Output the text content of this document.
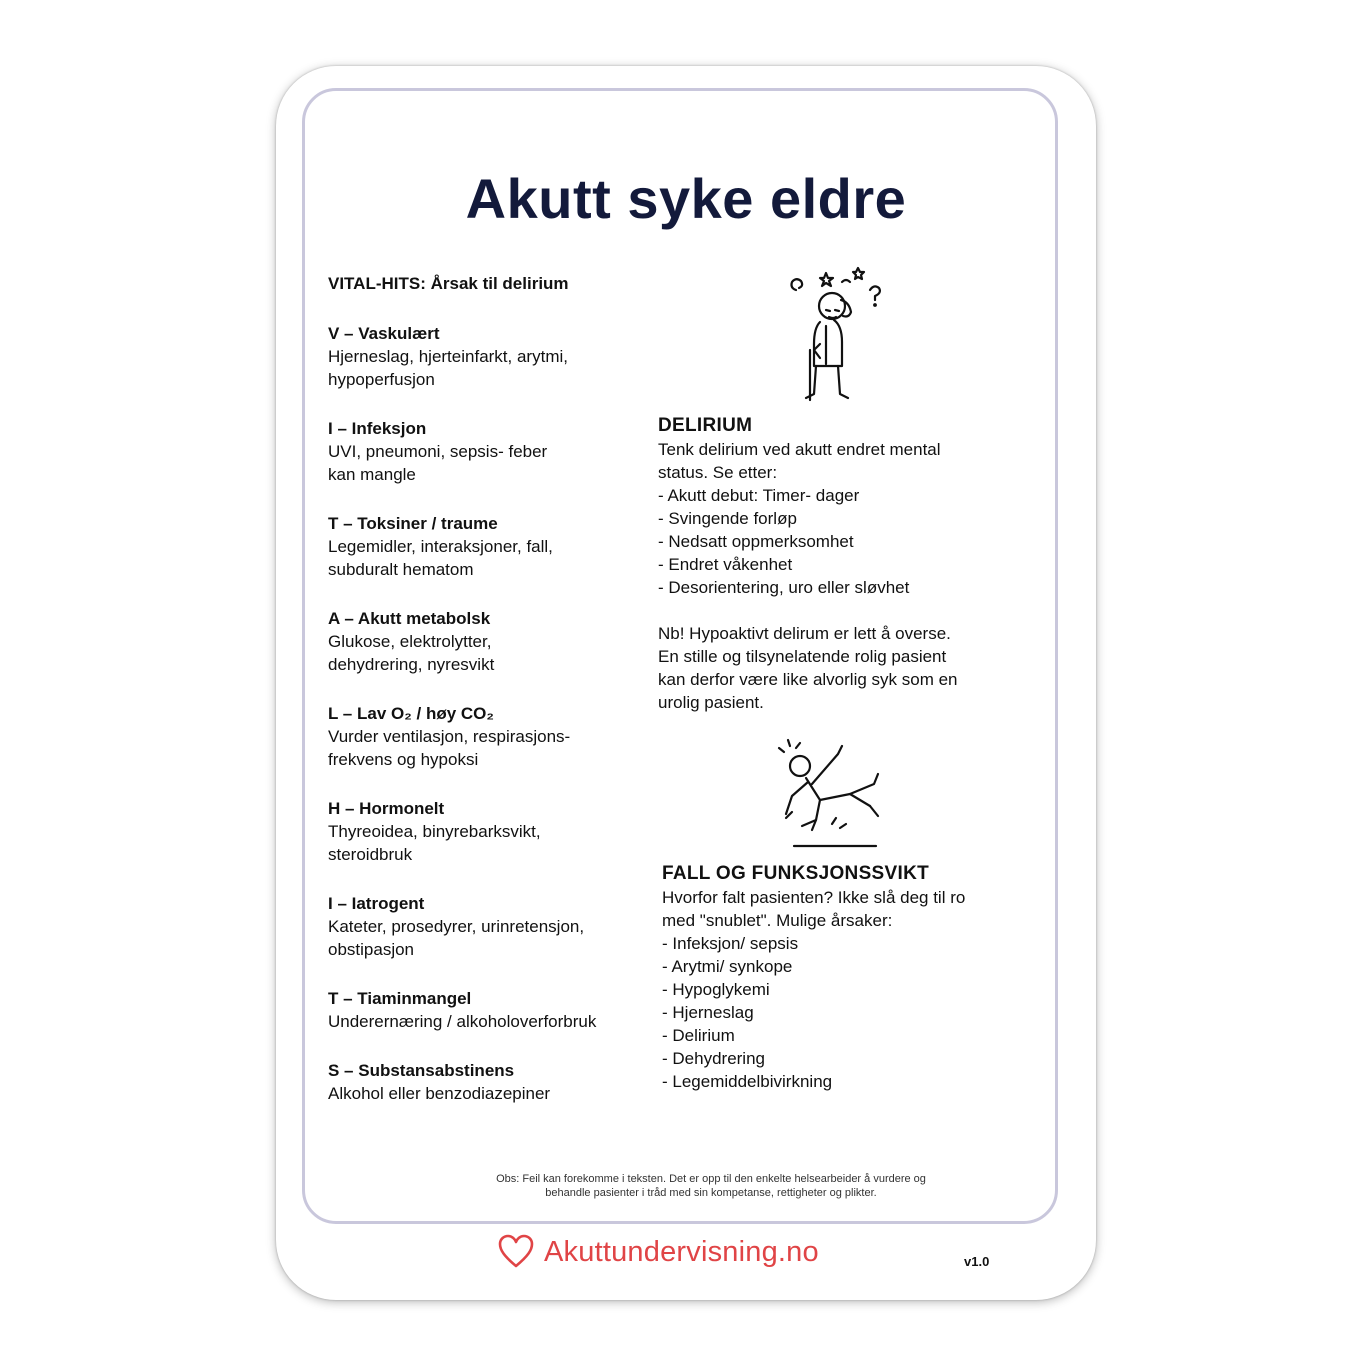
Akutt syke eldre
VITAL-HITS: Årsak til delirium
V – Vaskulært
Hjerneslag, hjerteinfarkt, arytmi,
hypoperfusjon
I – Infeksjon
UVI, pneumoni, sepsis- feber
kan mangle
T – Toksiner / traume
Legemidler, interaksjoner, fall,
subduralt hematom
A – Akutt metabolsk
Glukose, elektrolytter,
dehydrering, nyresvikt
L – Lav O₂ / høy CO₂
Vurder ventilasjon, respirasjons-
frekvens og hypoksi
H – Hormonelt
Thyreoidea, binyrebarksvikt,
steroidbruk
I – Iatrogent
Kateter, prosedyrer, urinretensjon,
obstipasjon
T – Tiaminmangel
Underernæring / alkoholoverforbruk
S – Substansabstinens
Alkohol eller benzodiazepiner
DELIRIUM
Tenk delirium ved akutt endret mental
status. Se etter:
- Akutt debut: Timer- dager
- Svingende forløp
- Nedsatt oppmerksomhet
- Endret våkenhet
- Desorientering, uro eller sløvhet
Nb! Hypoaktivt delirum er lett å overse.
En stille og tilsynelatende rolig pasient
kan derfor være like alvorlig syk som en
urolig pasient.
FALL OG FUNKSJONSSVIKT
Hvorfor falt pasienten? Ikke slå deg til ro
med "snublet". Mulige årsaker:
- Infeksjon/ sepsis
- Arytmi/ synkope
- Hypoglykemi
- Hjerneslag
- Delirium
- Dehydrering
- Legemiddelbivirkning
Obs: Feil kan forekomme i teksten. Det er opp til den enkelte helsearbeider å vurdere og
behandle pasienter i tråd med sin kompetanse, rettigheter og plikter.
Akuttundervisning.no	v1.0
